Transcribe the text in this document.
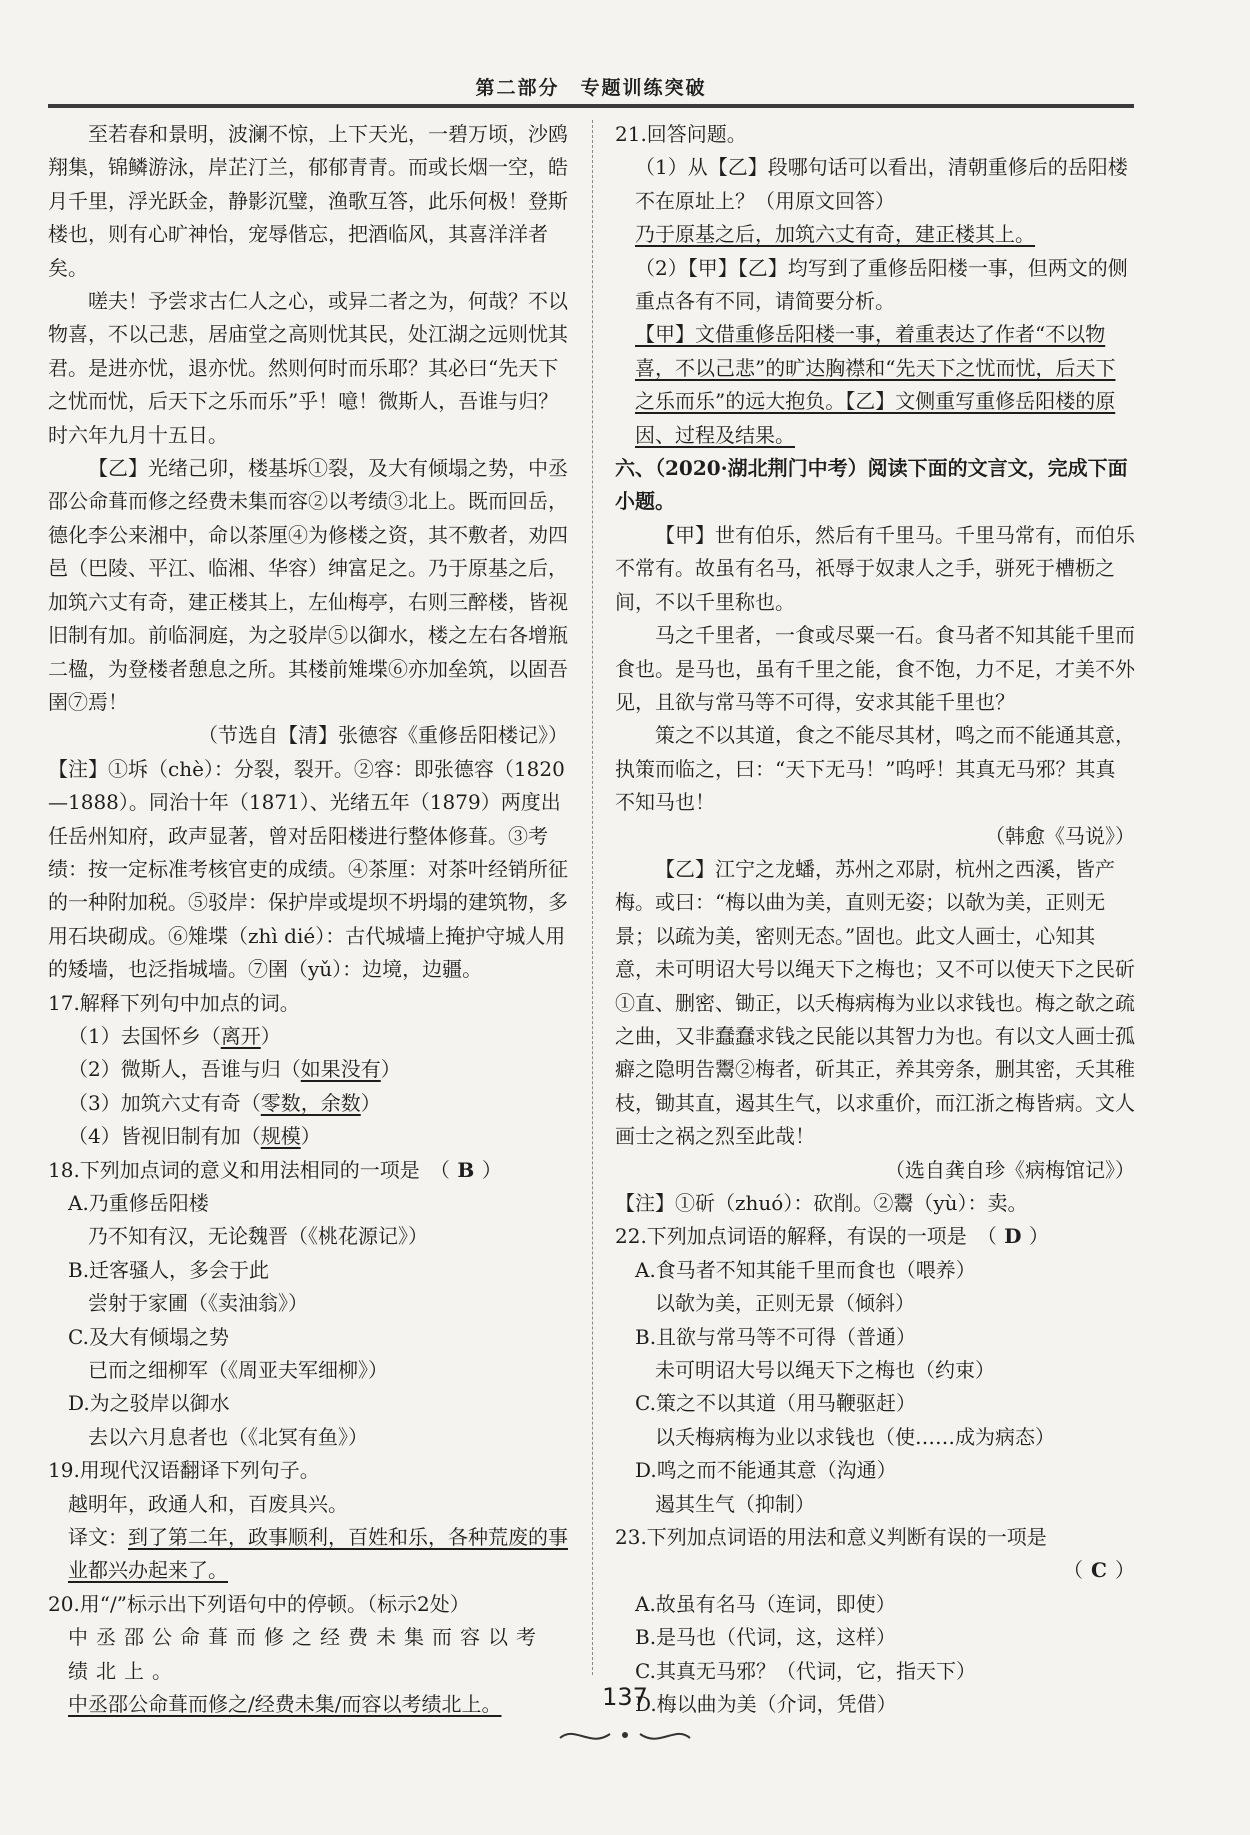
第二部分　专题训练突破

至若春和景明，波澜不惊，上下天光，一碧万顷，沙鸥翔集，锦鳞游泳，岸芷汀兰，郁郁青青。而或长烟一空，皓月千里，浮光跃金，静影沉璧，渔歌互答，此乐何极！登斯楼也，则有心旷神怡，宠辱偕忘，把酒临风，其喜洋洋者矣。

嗟夫！予尝求古仁人之心，或异二者之为，何哉？不以物喜，不以己悲，居庙堂之高则忧其民，处江湖之远则忧其君。是进亦忧，退亦忧。然则何时而乐耶？其必曰“先天下之忧而忧，后天下之乐而乐”乎！噫！微斯人，吾谁与归？时六年九月十五日。

【乙】光绪己卯，楼基坼①裂，及大有倾塌之势，中丞邵公命葺而修之经费未集而容②以考绩③北上。既而回岳，德化李公来湘中，命以茶厘④为修楼之资，其不敷者，劝四邑（巴陵、平江、临湘、华容）绅富足之。乃于原基之后，加筑六丈有奇，建正楼其上，左仙梅亭，右则三醉楼，皆视旧制有加。前临洞庭，为之驳岸⑤以御水，楼之左右各增瓶二楹，为登楼者憩息之所。其楼前雉堞⑥亦加垒筑，以固吾圉⑦焉！

（节选自【清】张德容《重修岳阳楼记》）

【注】①坼（chè）：分裂，裂开。②容：即张德容（1820—1888）。同治十年（1871）、光绪五年（1879）两度出任岳州知府，政声显著，曾对岳阳楼进行整体修葺。③考绩：按一定标准考核官吏的成绩。④茶厘：对茶叶经销所征的一种附加税。⑤驳岸：保护岸或堤坝不坍塌的建筑物，多用石块砌成。⑥雉堞（zhì dié）：古代城墙上掩护守城人用的矮墙，也泛指城墙。⑦圉（yǔ）：边境，边疆。

17.解释下列句中加点的词。

（1）去国怀乡（离开）

（2）微斯人，吾谁与归（如果没有）

（3）加筑六丈有奇（零数，余数）

（4）皆视旧制有加（规模）

18.下列加点词的意义和用法相同的一项是　 （ B ）

A.乃重修岳阳楼

乃不知有汉，无论魏晋（《桃花源记》）

B.迁客骚人，多会于此

尝射于家圃（《卖油翁》）

C.及大有倾塌之势

已而之细柳军（《周亚夫军细柳》）

D.为之驳岸以御水

去以六月息者也（《北冥有鱼》）

19.用现代汉语翻译下列句子。

越明年，政通人和，百废具兴。

译文：到了第二年，政事顺利，百姓和乐，各种荒废的事业都兴办起来了。

20.用“/”标示出下列语句中的停顿。（标示2处）

中丞邵公命葺而修之经费未集而容以考绩北上。

中丞邵公命葺而修之/经费未集/而容以考绩北上。

21.回答问题。

（1）从【乙】段哪句话可以看出，清朝重修后的岳阳楼不在原址上？（用原文回答）

乃于原基之后，加筑六丈有奇，建正楼其上。

（2）【甲】【乙】均写到了重修岳阳楼一事，但两文的侧重点各有不同，请简要分析。

【甲】文借重修岳阳楼一事，着重表达了作者“不以物喜，不以己悲”的旷达胸襟和“先天下之忧而忧，后天下之乐而乐”的远大抱负。【乙】文侧重写重修岳阳楼的原因、过程及结果。

六、（2020·湖北荆门中考）阅读下面的文言文，完成下面小题。

【甲】世有伯乐，然后有千里马。千里马常有，而伯乐不常有。故虽有名马，祇辱于奴隶人之手，骈死于槽枥之间，不以千里称也。

马之千里者，一食或尽粟一石。食马者不知其能千里而食也。是马也，虽有千里之能，食不饱，力不足，才美不外见，且欲与常马等不可得，安求其能千里也？

策之不以其道，食之不能尽其材，鸣之而不能通其意，执策而临之，曰：“天下无马！”呜呼！其真无马邪？其真不知马也！

（韩愈《马说》）

【乙】江宁之龙蟠，苏州之邓尉，杭州之西溪，皆产梅。或曰：“梅以曲为美，直则无姿；以欹为美，正则无景；以疏为美，密则无态。”固也。此文人画士，心知其意，未可明诏大号以绳天下之梅也；又不可以使天下之民斫①直、删密、锄正，以夭梅病梅为业以求钱也。梅之欹之疏之曲，又非蠢蠢求钱之民能以其智力为也。有以文人画士孤癖之隐明告鬻②梅者，斫其正，养其旁条，删其密，夭其稚枝，锄其直，遏其生气，以求重价，而江浙之梅皆病。文人画士之祸之烈至此哉！

（选自龚自珍《病梅馆记》）

【注】①斫（zhuó）：砍削。②鬻（yù）：卖。

22.下列加点词语的解释，有误的一项是　 （ D ）

A.食马者不知其能千里而食也（喂养）

以欹为美，正则无景（倾斜）

B.且欲与常马等不可得（普通）

未可明诏大号以绳天下之梅也（约束）

C.策之不以其道（用马鞭驱赶）

以夭梅病梅为业以求钱也（使……成为病态）

D.鸣之而不能通其意（沟通）

遏其生气（抑制）

23.下列加点词语的用法和意义判断有误的一项是

（ C ）

A.故虽有名马（连词，即使）

B.是马也（代词，这，这样）

C.其真无马邪？（代词，它，指天下）

D.梅以曲为美（介词，凭借）

137
